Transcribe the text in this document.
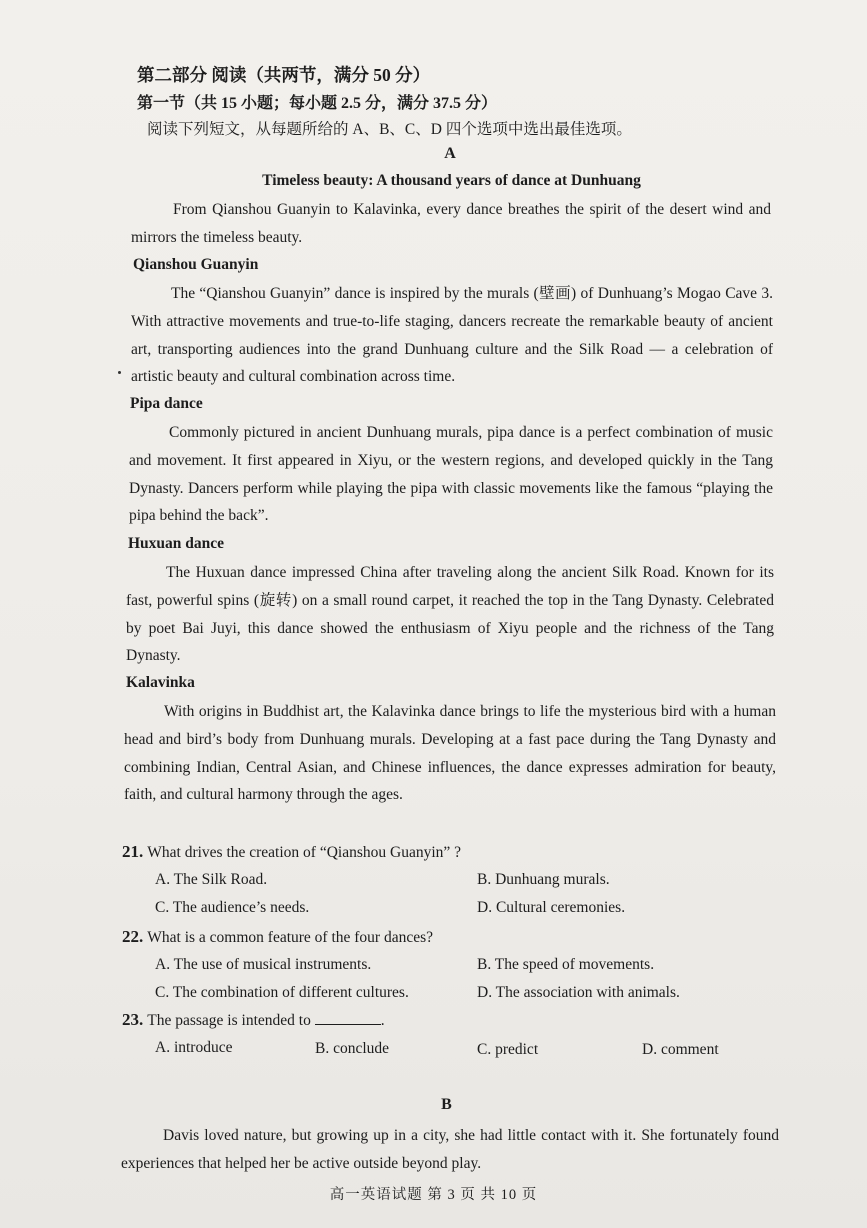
第二部分 阅读（共两节，满分 50 分）
第一节（共 15 小题；每小题 2.5 分，满分 37.5 分）
阅读下列短文，从每题所给的 A、B、C、D 四个选项中选出最佳选项。
A
Timeless beauty: A thousand years of dance at Dunhuang

From Qianshou Guanyin to Kalavinka, every dance breathes the spirit of the desert wind and mirrors the timeless beauty.

Qianshou Guanyin

The “Qianshou Guanyin” dance is inspired by the murals (壁画) of Dunhuang’s Mogao Cave 3. With attractive movements and true-to-life staging, dancers recreate the remarkable beauty of ancient art, transporting audiences into the grand Dunhuang culture and the Silk Road — a celebration of artistic beauty and cultural combination across time.

Pipa dance

Commonly pictured in ancient Dunhuang murals, pipa dance is a perfect combination of music and movement. It first appeared in Xiyu, or the western regions, and developed quickly in the Tang Dynasty. Dancers perform while playing the pipa with classic movements like the famous “playing the pipa behind the back”.

Huxuan dance

The Huxuan dance impressed China after traveling along the ancient Silk Road. Known for its fast, powerful spins (旋转) on a small round carpet, it reached the top in the Tang Dynasty. Celebrated by poet Bai Juyi, this dance showed the enthusiasm of Xiyu people and the richness of the Tang Dynasty.

Kalavinka

With origins in Buddhist art, the Kalavinka dance brings to life the mysterious bird with a human head and bird’s body from Dunhuang murals. Developing at a fast pace during the Tang Dynasty and combining Indian, Central Asian, and Chinese influences, the dance expresses admiration for beauty, faith, and cultural harmony through the ages.

21. What drives the creation of “Qianshou Guanyin” ?
A. The Silk Road.	B. Dunhuang murals.
C. The audience’s needs.	D. Cultural ceremonies.
22. What is a common feature of the four dances?
A. The use of musical instruments.	B. The speed of movements.
C. The combination of different cultures.	D. The association with animals.
23. The passage is intended to	.
A. introduce	B. conclude	C. predict	D. comment
B

Davis loved nature, but growing up in a city, she had little contact with it. She fortunately found experiences that helped her be active outside beyond play.

高一英语试题 第 3 页 共 10 页
